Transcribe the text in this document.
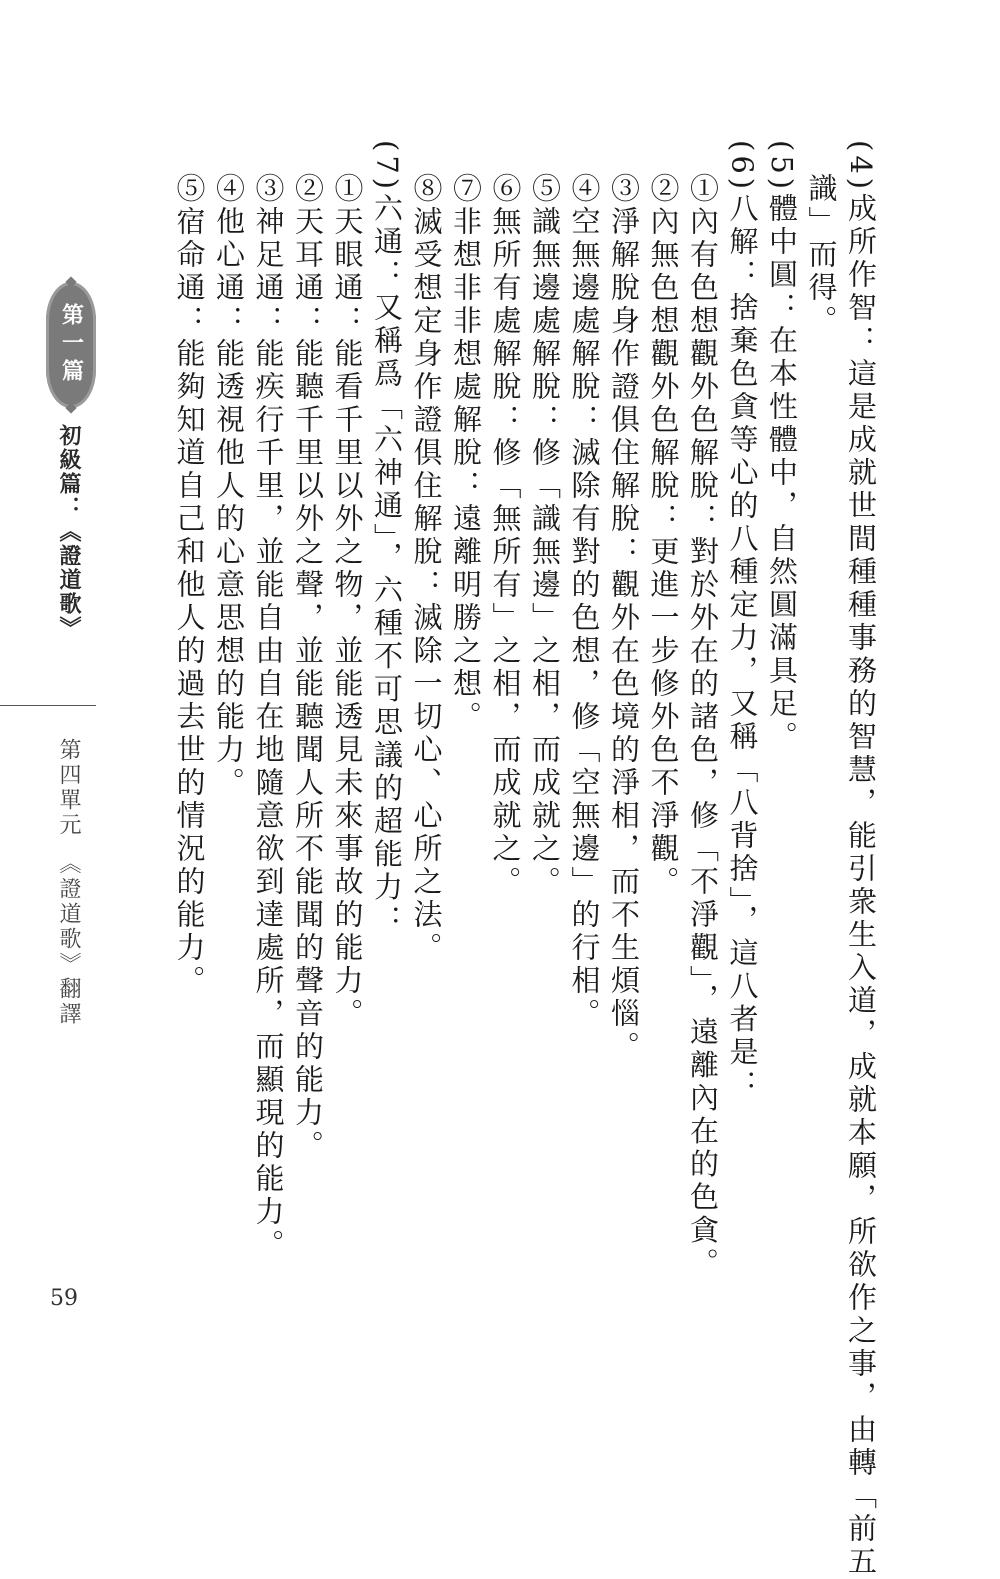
(4)成所作智：這是成就世間種種事務的智慧，能引衆生入道，成就本願，所欲作之事，由轉「前五
　識」而得。
(5)體中圓：在本性體中，自然圓滿具足。
(6)八解：捨棄色貪等心的八種定力，又稱「八背捨」，這八者是：
　①內有色想觀外色解脫：對於外在的諸色，修「不淨觀」，遠離內在的色貪。
　②內無色想觀外色解脫：更進一步修外色不淨觀。
　③淨解脫身作證俱住解脫：觀外在色境的淨相，而不生煩惱。
　④空無邊處解脫：滅除有對的色想，修「空無邊」的行相。
　⑤識無邊處解脫：修「識無邊」之相，而成就之。
　⑥無所有處解脫：修「無所有」之相，而成就之。
　⑦非想非非想處解脫：遠離明勝之想。
　⑧滅受想定身作證俱住解脫：滅除一切心、心所之法。
(7)六通：又稱爲「六神通」，六種不可思議的超能力：
　①天眼通：能看千里以外之物，並能透見未來事故的能力。
　②天耳通：能聽千里以外之聲，並能聽聞人所不能聞的聲音的能力。
　③神足通：能疾行千里，並能自由自在地隨意欲到達處所，而顯現的能力。
　④他心通：能透視他人的心意思想的能力。
　⑤宿命通：能夠知道自己和他人的過去世的情況的能力。
第一篇
初級篇：《證道歌》
第四單元　《證道歌》翻譯
59
